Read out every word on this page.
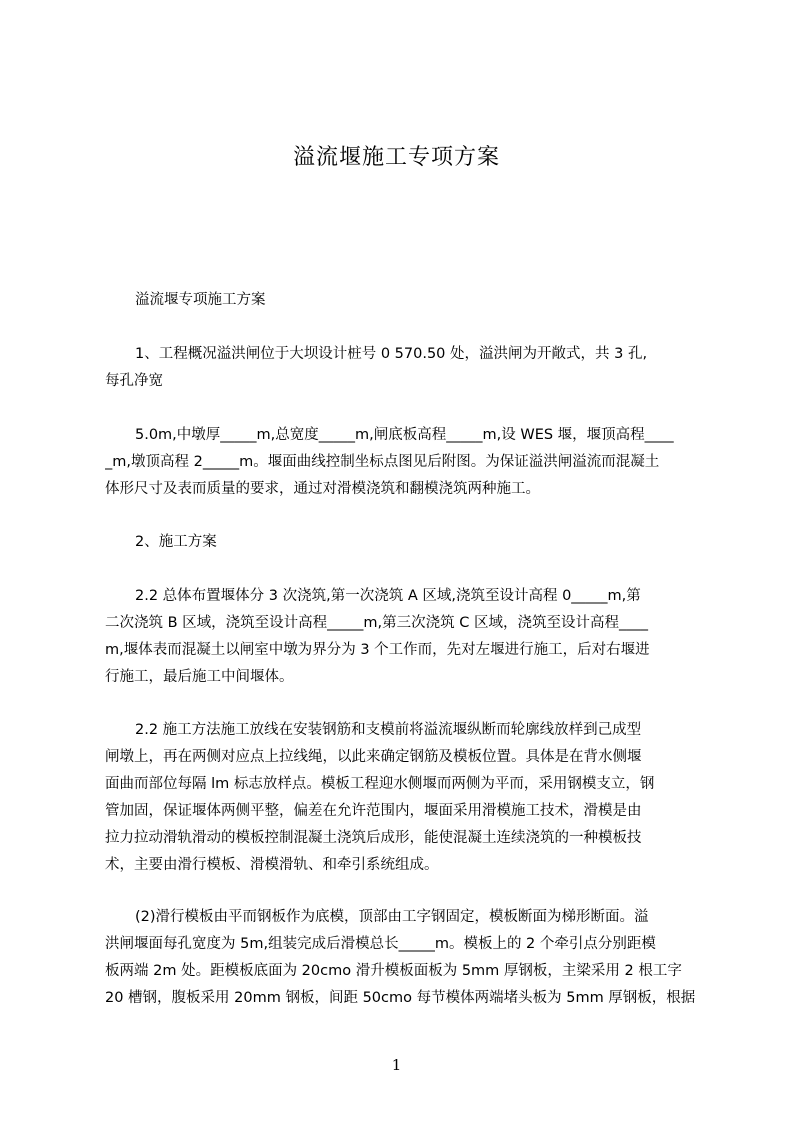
溢流堰施工专项方案
溢流堰专项施工方案
1、工程概况溢洪闸位于大坝设计桩号 0 570.50 处，溢洪闸为开敞式，共 3 孔,
每孔净宽
5.0m,中墩厚_____m,总宽度_____m,闸底板高程_____m,设 WES 堰，堰顶高程____
_m,墩顶高程 2_____m。堰面曲线控制坐标点图见后附图。为保证溢洪闸溢流而混凝土
体形尺寸及表而质量的要求，通过对滑模浇筑和翻模浇筑两种施工。
2、施工方案
2.2 总体布置堰体分 3 次浇筑,第一次浇筑 A 区域,浇筑至设计高程 0_____m,第
二次浇筑 B 区域，浇筑至设计高程_____m,第三次浇筑 C 区域，浇筑至设计高程____
m,堰体表而混凝土以闸室中墩为界分为 3 个工作而，先对左堰进行施工，后对右堰进
行施工，最后施工中间堰体。
2.2 施工方法施工放线在安装钢筋和支模前将溢流堰纵断而轮廓线放样到己成型
闸墩上，再在两侧对应点上拉线绳，以此来确定钢筋及模板位置。具体是在背水侧堰
面曲而部位每隔 lm 标志放样点。模板工程迎水侧堰而两侧为平而，采用钢模支立，钢
管加固，保证堰体两侧平整，偏差在允许范围内，堰面采用滑模施工技术，滑模是由
拉力拉动滑轨滑动的模板控制混凝土浇筑后成形，能使混凝土连续浇筑的一种模板技
术，主要由滑行模板、滑模滑轨、和牵引系统组成。
(2)滑行模板由平而钢板作为底模，顶部由工字钢固定，模板断面为梯形断面。溢
洪闸堰面每孔宽度为 5m,组装完成后滑模总长_____m。模板上的 2 个牵引点分别距模
板两端 2m 处。距模板底面为 20cmo 滑升模板面板为 5mm 厚钢板，主梁采用 2 根工字
20 槽钢，腹板采用 20mm 钢板，间距 50cmo 每节模体两端堵头板为 5mm 厚钢板，根据
1
